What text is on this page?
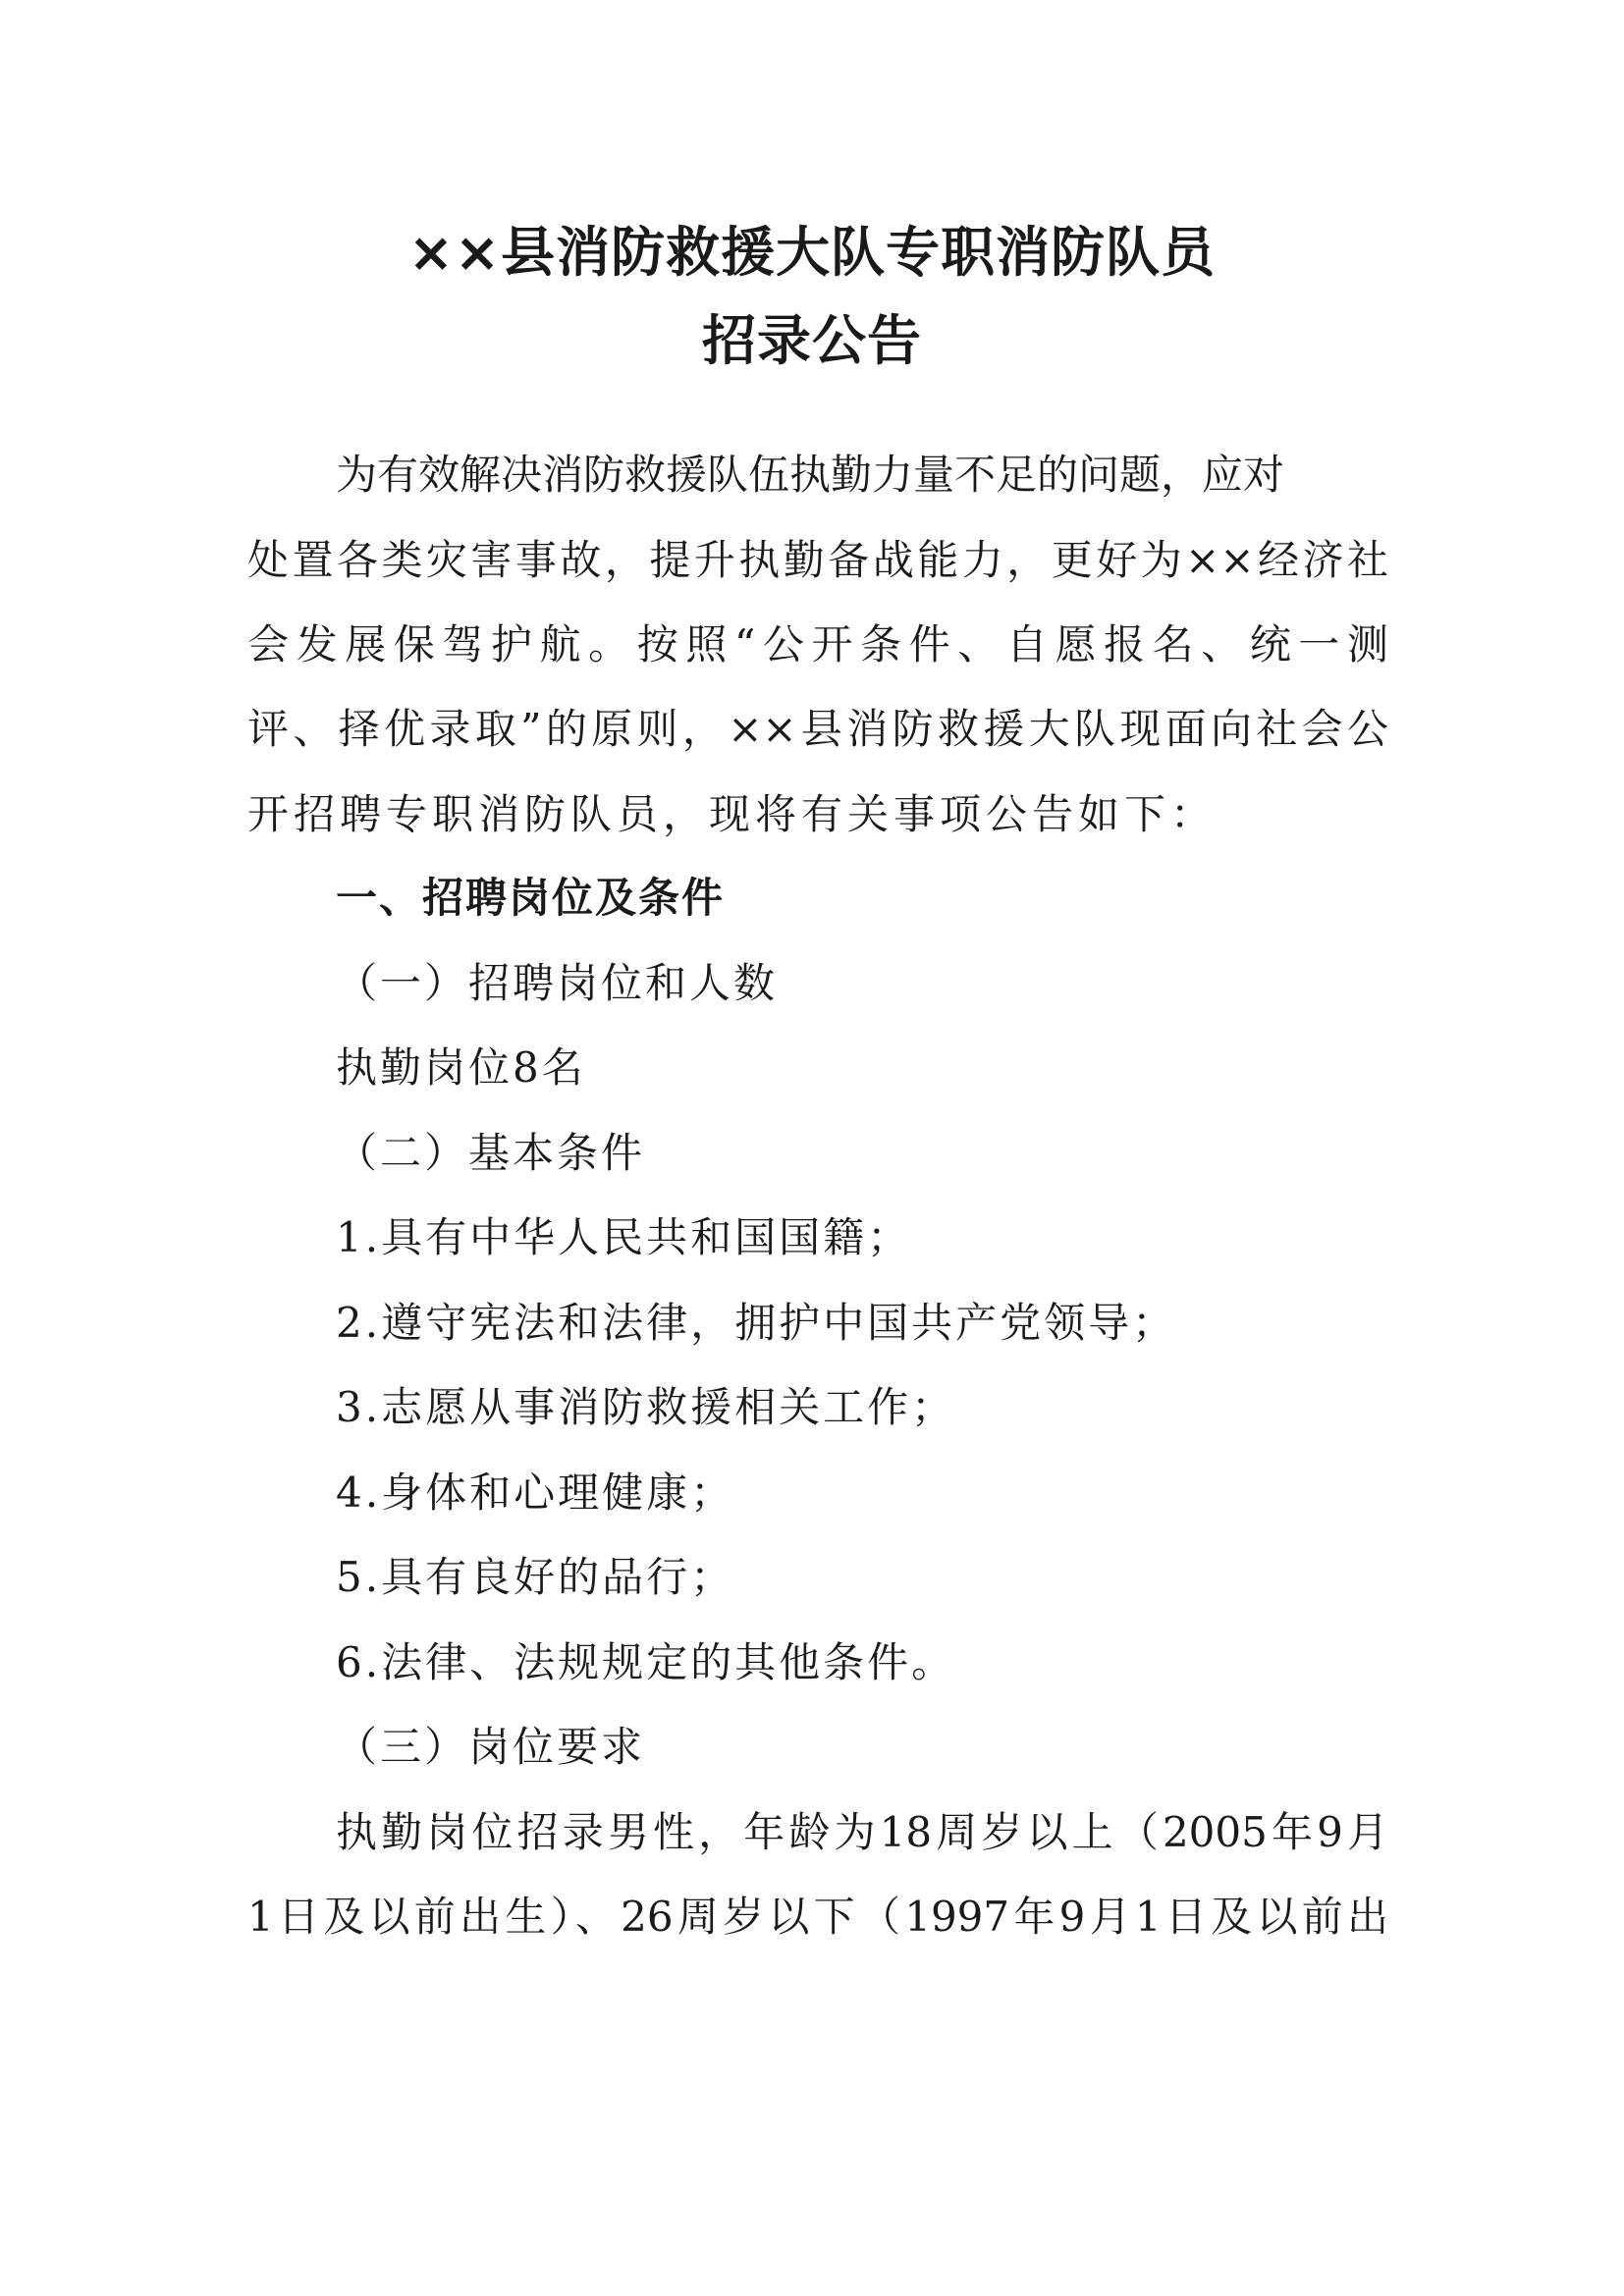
××县消防救援大队专职消防队员
招录公告
为有效解决消防救援队伍执勤力量不足的问题，应对
处置各类灾害事故，提升执勤备战能力，更好为××经济社
会发展保驾护航。按照“公开条件、自愿报名、统一测
评、择优录取”的原则，××县消防救援大队现面向社会公
开招聘专职消防队员，现将有关事项公告如下：
一、招聘岗位及条件
（一）招聘岗位和人数
执勤岗位8名
（二）基本条件
1.具有中华人民共和国国籍；
2.遵守宪法和法律，拥护中国共产党领导；
3.志愿从事消防救援相关工作；
4.身体和心理健康；
5.具有良好的品行；
6.法律、法规规定的其他条件。
（三）岗位要求
执勤岗位招录男性，年龄为18周岁以上（2005年9月
1日及以前出生）、26周岁以下（1997年9月1日及以前出
